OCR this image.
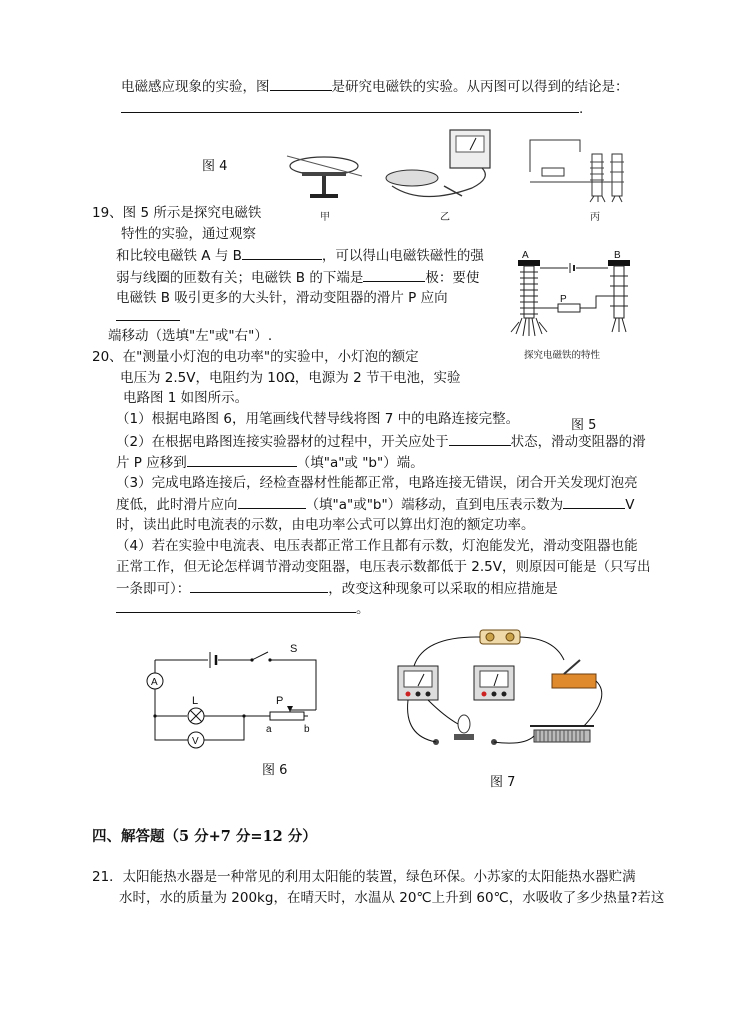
电磁感应现象的实验，图	是研究电磁铁的实验。从丙图可以得到的结论是：
.
图 4
甲	乙	丙
19、图 5 所示是探究电磁铁
特性的实验，通过观察
和比较电磁铁 A 与 B	，可以得山电磁铁磁性的强
弱与线圈的匝数有关；电磁铁 B 的下端是	极：要使
电磁铁 B 吸引更多的大头针，滑动变阻器的滑片 P 应向
端移动（选填"左"或"右"）.
A	B
P
探究电磁铁的特性
图 5
20、在"测量小灯泡的电功率"的实验中，小灯泡的额定
电压为 2.5V，电阻约为 10Ω，电源为 2 节干电池，实验
电路图 1 如图所示。
（1）根据电路图 6，用笔画线代替导线将图 7 中的电路连接完整。
（2）在根据电路图连接实验器材的过程中，开关应处于	状态，滑动变阻器的滑
片 P 应移到	（填"a"或 "b"）端。
（3）完成电路连接后，经检查器材性能都正常，电路连接无错误，闭合开关发现灯泡亮
度低，此时滑片应向	（填"a"或"b"）端移动，直到电压表示数为	V
时，读出此时电流表的示数，由电功率公式可以算出灯泡的额定功率。
（4）若在实验中电流表、电压表都正常工作且都有示数，灯泡能发光，滑动变阻器也能
正常工作，但无论怎样调节滑动变阻器，电压表示数都低于 2.5V，则原因可能是（只写出
一条即可）：	，改变这种现象可以采取的相应措施是
。
S
A
L
V
P
a	b
图 6
图 7
四、解答题（5 分+7 分=12 分）
21．太阳能热水器是一种常见的利用太阳能的装置，绿色环保。小苏家的太阳能热水器贮满
水时，水的质量为 200kg，在晴天时，水温从 20℃上升到 60℃，水吸收了多少热量?若这
